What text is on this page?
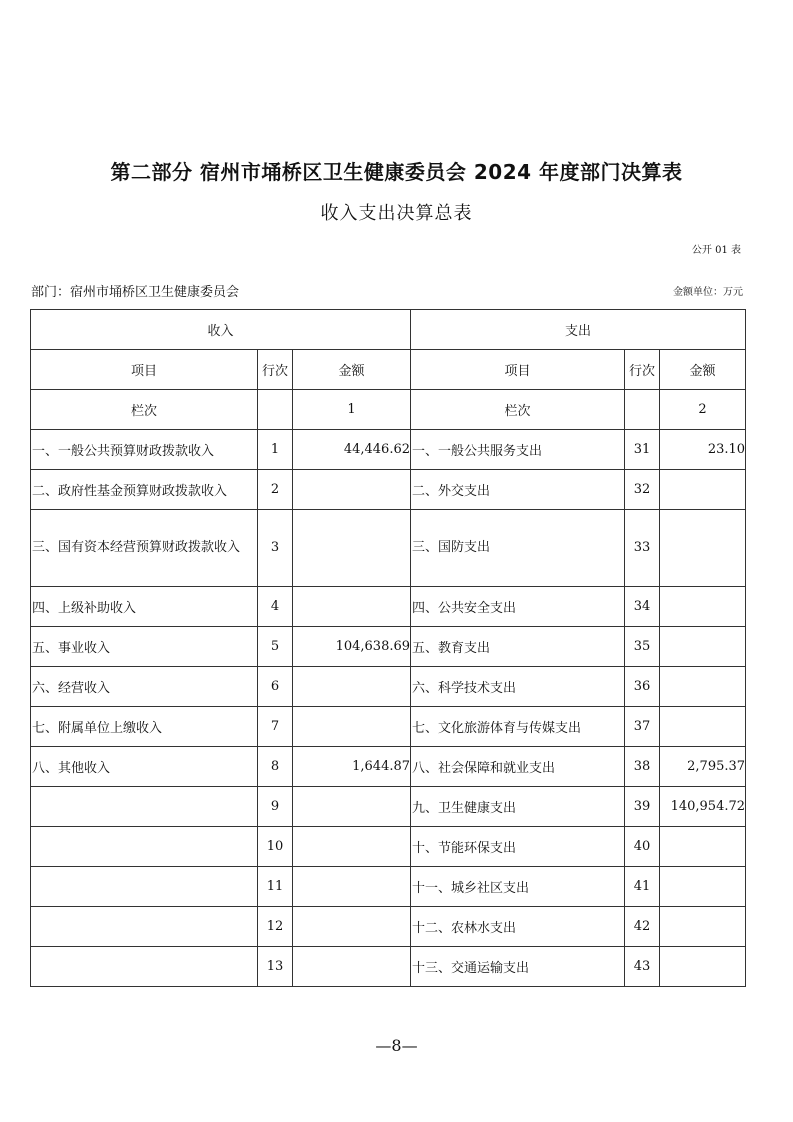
第二部分 宿州市埇桥区卫生健康委员会 2024 年度部门决算表
收入支出决算总表
公开 01 表
部门：宿州市埇桥区卫生健康委员会	金额单位：万元
收入			支出		
项目	行次	金额	项目	行次	金额
栏次		1	栏次		2
一、一般公共预算财政拨款收入	1	44,446.62	一、一般公共服务支出	31	23.10
二、政府性基金预算财政拨款收入	2		二、外交支出	32	
三、国有资本经营预算财政拨款收入	3		三、国防支出	33	
四、上级补助收入	4		四、公共安全支出	34	
五、事业收入	5	104,638.69	五、教育支出	35	
六、经营收入	6		六、科学技术支出	36	
七、附属单位上缴收入	7		七、文化旅游体育与传媒支出	37	
八、其他收入	8	1,644.87	八、社会保障和就业支出	38	2,795.37
	9		九、卫生健康支出	39	140,954.72
	10		十、节能环保支出	40	
	11		十一、城乡社区支出	41	
	12		十二、农林水支出	42	
	13		十三、交通运输支出	43	
—8—
